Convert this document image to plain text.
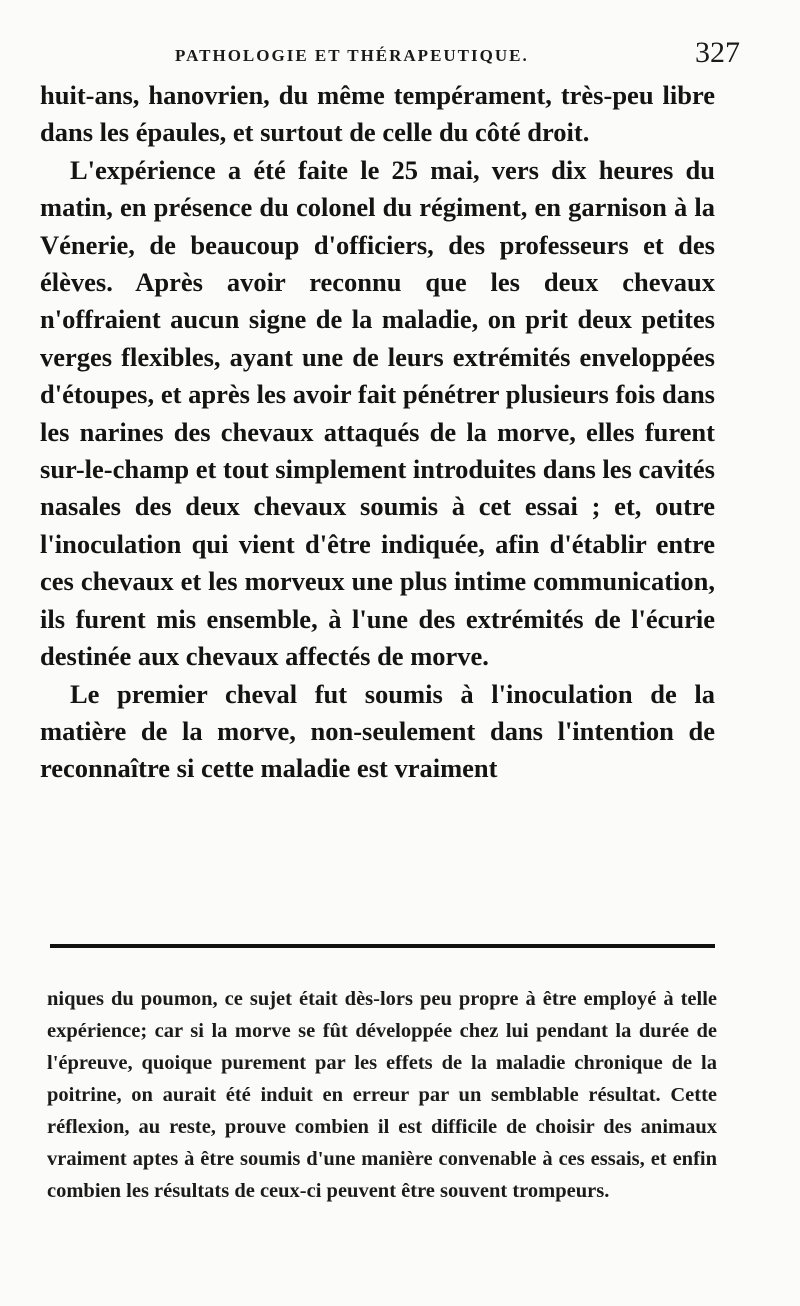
PATHOLOGIE ET THÉRAPEUTIQUE.	327

huit-ans, hanovrien, du même tempérament, très-peu libre dans les épaules, et surtout de celle du côté droit.

L'expérience a été faite le 25 mai, vers dix heures du matin, en présence du colonel du régiment, en garnison à la Vénerie, de beaucoup d'officiers, des professeurs et des élèves. Après avoir reconnu que les deux chevaux n'offraient aucun signe de la maladie, on prit deux petites verges flexibles, ayant une de leurs extrémités enveloppées d'étoupes, et après les avoir fait pénétrer plusieurs fois dans les narines des chevaux attaqués de la morve, elles furent sur-le-champ et tout simplement introduites dans les cavités nasales des deux chevaux soumis à cet essai ; et, outre l'inoculation qui vient d'être indiquée, afin d'établir entre ces chevaux et les morveux une plus intime communication, ils furent mis ensemble, à l'une des extrémités de l'écurie destinée aux chevaux affectés de morve.

Le premier cheval fut soumis à l'inoculation de la matière de la morve, non-seulement dans l'intention de reconnaître si cette maladie est vraiment

niques du poumon, ce sujet était dès-lors peu propre à être employé à telle expérience; car si la morve se fût développée chez lui pendant la durée de l'épreuve, quoique purement par les effets de la maladie chronique de la poitrine, on aurait été induit en erreur par un semblable résultat. Cette réflexion, au reste, prouve combien il est difficile de choisir des animaux vraiment aptes à être soumis d'une manière convenable à ces essais, et enfin combien les résultats de ceux-ci peuvent être souvent trompeurs.
